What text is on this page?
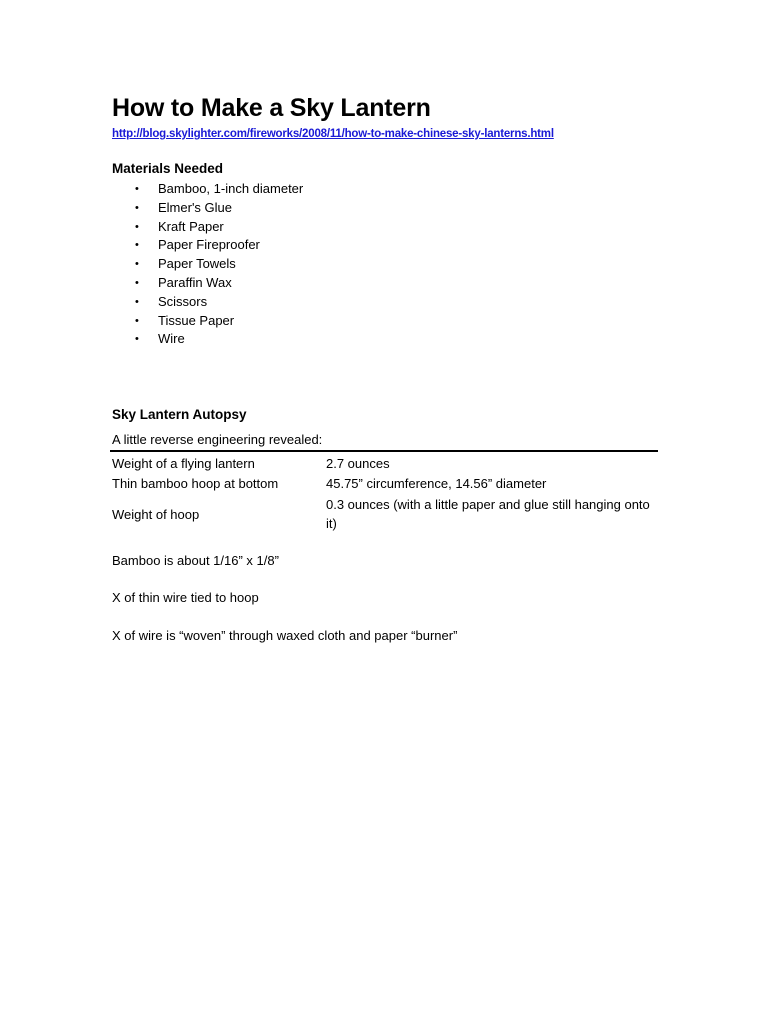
How to Make a Sky Lantern
http://blog.skylighter.com/fireworks/2008/11/how-to-make-chinese-sky-lanterns.html
Materials Needed
• Bamboo, 1-inch diameter
• Elmer's Glue
• Kraft Paper
• Paper Fireproofer
• Paper Towels
• Paraffin Wax
• Scissors
• Tissue Paper
• Wire
Sky Lantern Autopsy
A little reverse engineering revealed:
Weight of a flying lantern	2.7 ounces
Thin bamboo hoop at bottom	45.75” circumference, 14.56” diameter
Weight of hoop	0.3 ounces (with a little paper and glue still hanging onto it)
Bamboo is about 1/16” x 1/8”
X of thin wire tied to hoop
X of wire is “woven” through waxed cloth and paper “burner”
